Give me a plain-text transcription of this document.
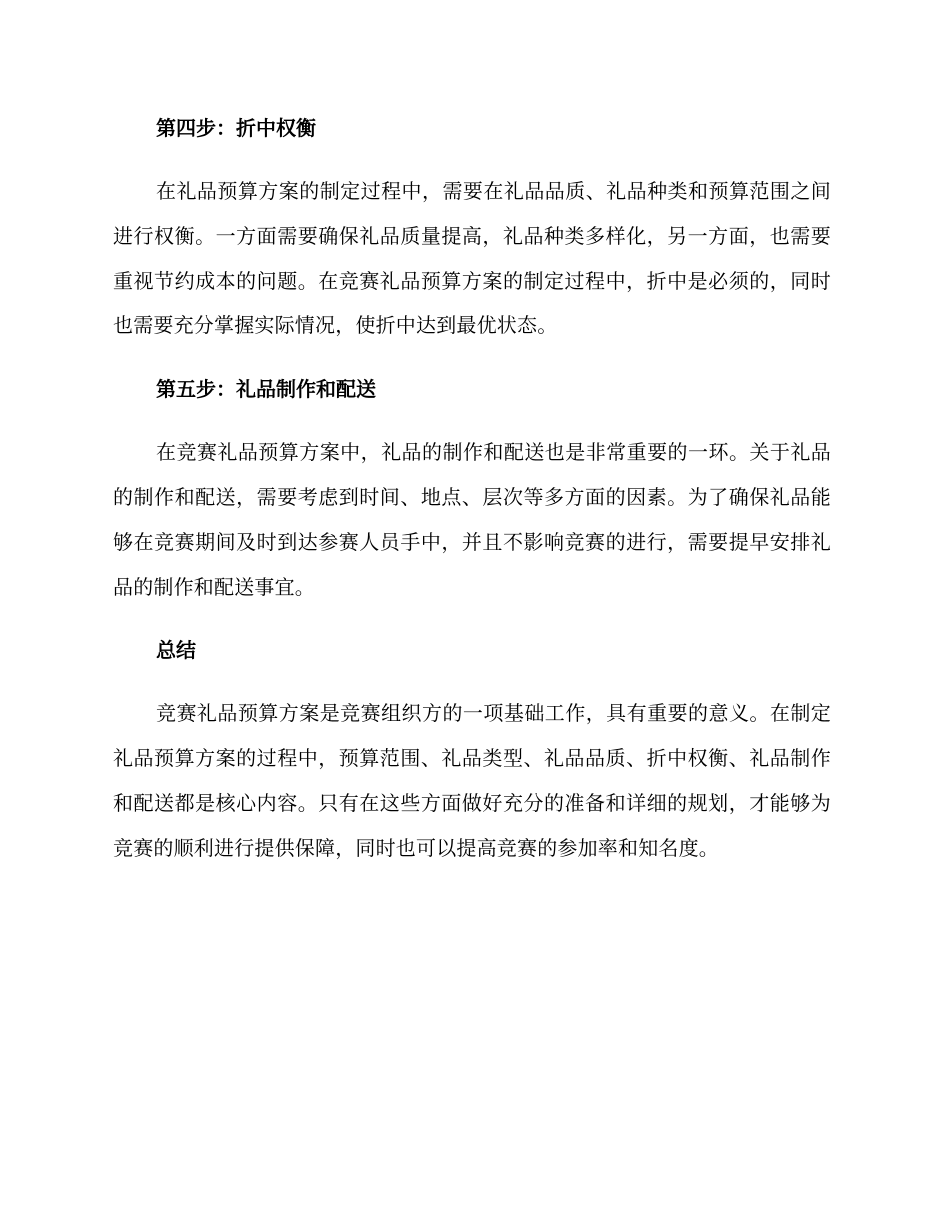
第四步：折中权衡

在礼品预算方案的制定过程中，需要在礼品品质、礼品种类和预算范围之间进行权衡。一方面需要确保礼品质量提高，礼品种类多样化，另一方面，也需要重视节约成本的问题。在竞赛礼品预算方案的制定过程中，折中是必须的，同时也需要充分掌握实际情况，使折中达到最优状态。

第五步：礼品制作和配送

在竞赛礼品预算方案中，礼品的制作和配送也是非常重要的一环。关于礼品的制作和配送，需要考虑到时间、地点、层次等多方面的因素。为了确保礼品能够在竞赛期间及时到达参赛人员手中，并且不影响竞赛的进行，需要提早安排礼品的制作和配送事宜。

总结

竞赛礼品预算方案是竞赛组织方的一项基础工作，具有重要的意义。在制定礼品预算方案的过程中，预算范围、礼品类型、礼品品质、折中权衡、礼品制作和配送都是核心内容。只有在这些方面做好充分的准备和详细的规划，才能够为竞赛的顺利进行提供保障，同时也可以提高竞赛的参加率和知名度。
